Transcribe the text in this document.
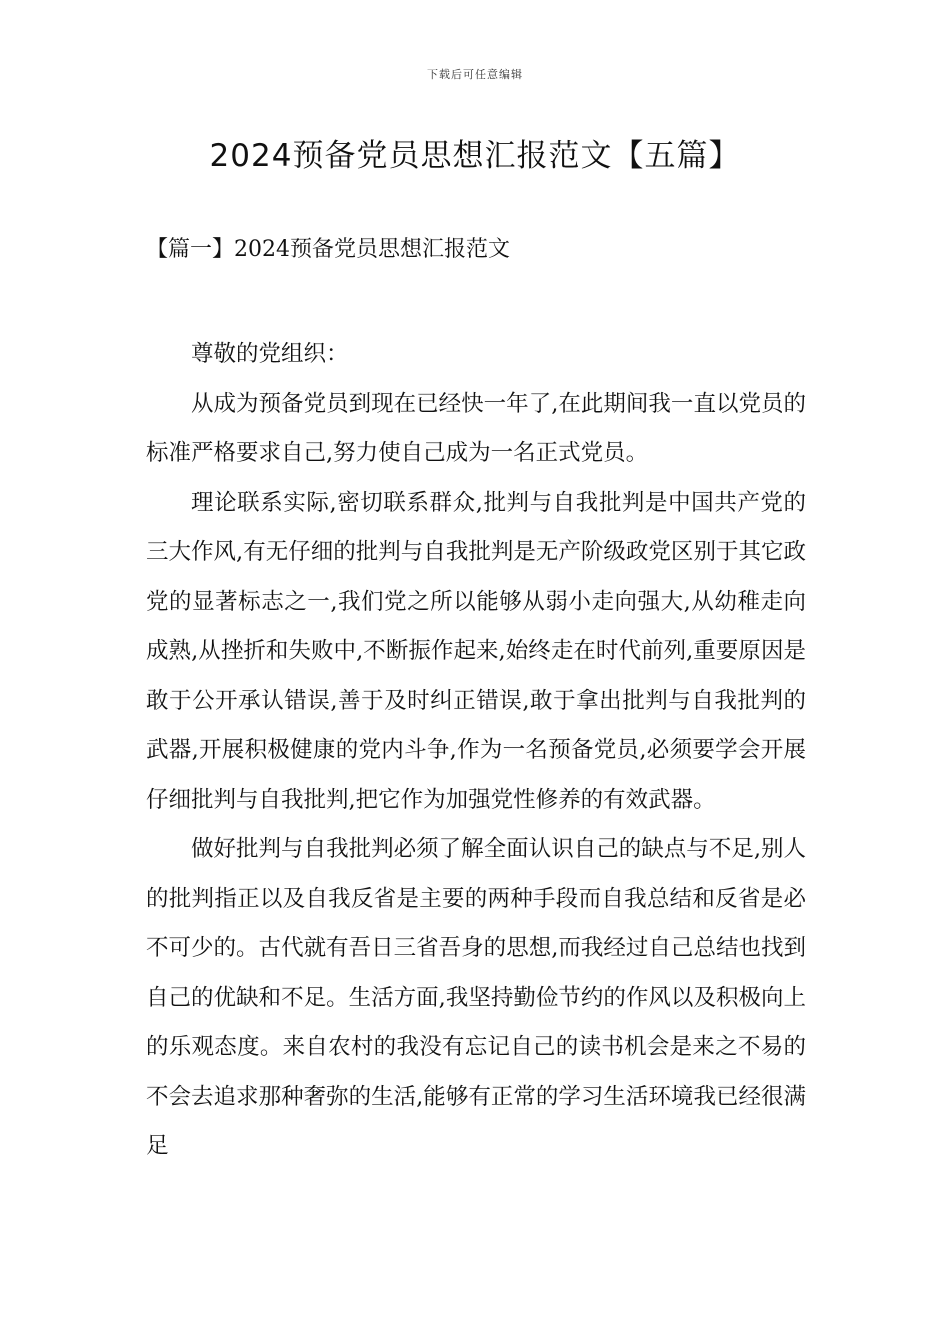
下载后可任意编辑
2024预备党员思想汇报范文【五篇】
【篇一】2024预备党员思想汇报范文

尊敬的党组织：

从成为预备党员到现在已经快一年了,在此期间我一直以党员的标准严格要求自己,努力使自己成为一名正式党员。

理论联系实际,密切联系群众,批判与自我批判是中国共产党的三大作风,有无仔细的批判与自我批判是无产阶级政党区别于其它政党的显著标志之一,我们党之所以能够从弱小走向强大,从幼稚走向成熟,从挫折和失败中,不断振作起来,始终走在时代前列,重要原因是敢于公开承认错误,善于及时纠正错误,敢于拿出批判与自我批判的武器,开展积极健康的党内斗争,作为一名预备党员,必须要学会开展仔细批判与自我批判,把它作为加强党性修养的有效武器。

做好批判与自我批判必须了解全面认识自己的缺点与不足,别人的批判指正以及自我反省是主要的两种手段而自我总结和反省是必不可少的。古代就有吾日三省吾身的思想,而我经过自己总结也找到自己的优缺和不足。生活方面,我坚持勤俭节约的作风以及积极向上的乐观态度。来自农村的我没有忘记自己的读书机会是来之不易的不会去追求那种奢弥的生活,能够有正常的学习生活环境我已经很满足
